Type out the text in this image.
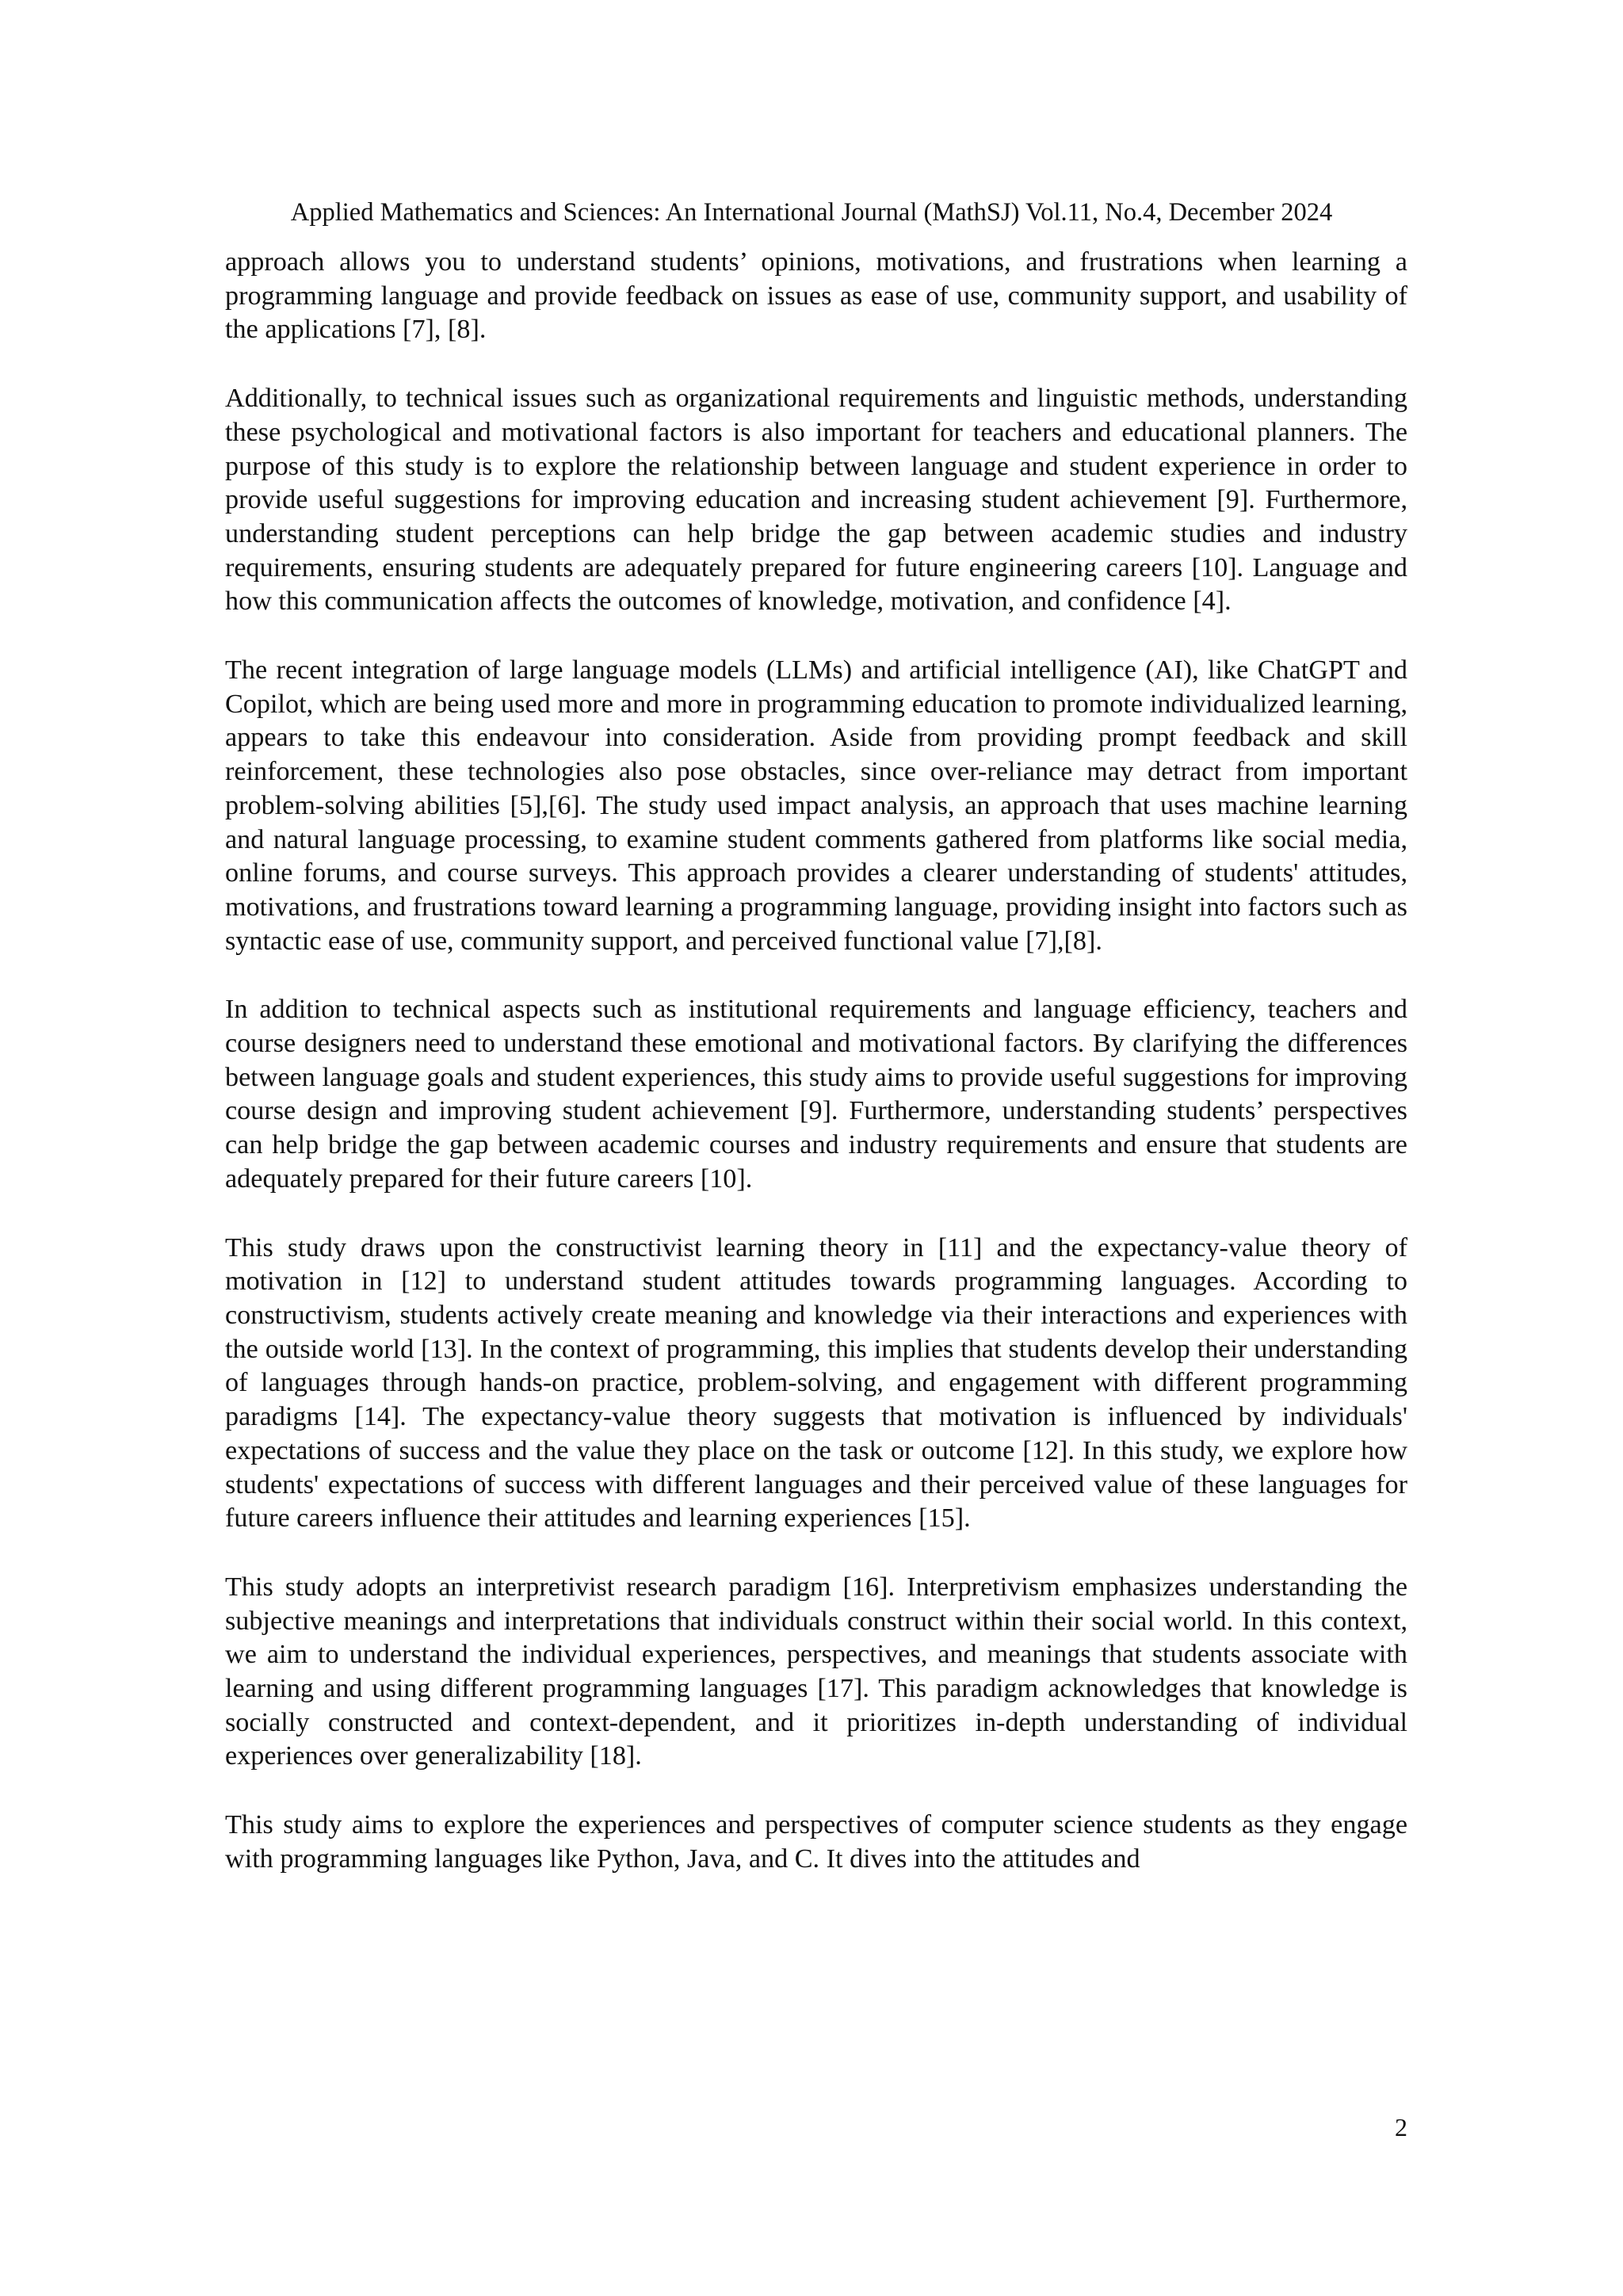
Applied Mathematics and Sciences: An International Journal (MathSJ) Vol.11, No.4, December 2024

approach allows you to understand students’ opinions, motivations, and frustrations when learning a programming language and provide feedback on issues as ease of use, community support, and usability of the applications [7], [8].

Additionally, to technical issues such as organizational requirements and linguistic methods, understanding these psychological and motivational factors is also important for teachers and educational planners. The purpose of this study is to explore the relationship between language and student experience in order to provide useful suggestions for improving education and increasing student achievement [9]. Furthermore, understanding student perceptions can help bridge the gap between academic studies and industry requirements, ensuring students are adequately prepared for future engineering careers [10]. Language and how this communication affects the outcomes of knowledge, motivation, and confidence [4].

The recent integration of large language models (LLMs) and artificial intelligence (AI), like ChatGPT and Copilot, which are being used more and more in programming education to promote individualized learning, appears to take this endeavour into consideration. Aside from providing prompt feedback and skill reinforcement, these technologies also pose obstacles, since over-reliance may detract from important problem-solving abilities [5],[6]. The study used impact analysis, an approach that uses machine learning and natural language processing, to examine student comments gathered from platforms like social media, online forums, and course surveys. This approach provides a clearer understanding of students' attitudes, motivations, and frustrations toward learning a programming language, providing insight into factors such as syntactic ease of use, community support, and perceived functional value [7],[8].

In addition to technical aspects such as institutional requirements and language efficiency, teachers and course designers need to understand these emotional and motivational factors. By clarifying the differences between language goals and student experiences, this study aims to provide useful suggestions for improving course design and improving student achievement [9]. Furthermore, understanding students’ perspectives can help bridge the gap between academic courses and industry requirements and ensure that students are adequately prepared for their future careers [10].

This study draws upon the constructivist learning theory in [11] and the expectancy-value theory of motivation in [12] to understand student attitudes towards programming languages. According to constructivism, students actively create meaning and knowledge via their interactions and experiences with the outside world [13]. In the context of programming, this implies that students develop their understanding of languages through hands-on practice, problem-solving, and engagement with different programming paradigms [14]. The expectancy-value theory suggests that motivation is influenced by individuals' expectations of success and the value they place on the task or outcome [12]. In this study, we explore how students' expectations of success with different languages and their perceived value of these languages for future careers influence their attitudes and learning experiences [15].

This study adopts an interpretivist research paradigm [16]. Interpretivism emphasizes understanding the subjective meanings and interpretations that individuals construct within their social world. In this context, we aim to understand the individual experiences, perspectives, and meanings that students associate with learning and using different programming languages [17]. This paradigm acknowledges that knowledge is socially constructed and context-dependent, and it prioritizes in-depth understanding of individual experiences over generalizability [18].

This study aims to explore the experiences and perspectives of computer science students as they engage with programming languages like Python, Java, and C. It dives into the attitudes and

2
